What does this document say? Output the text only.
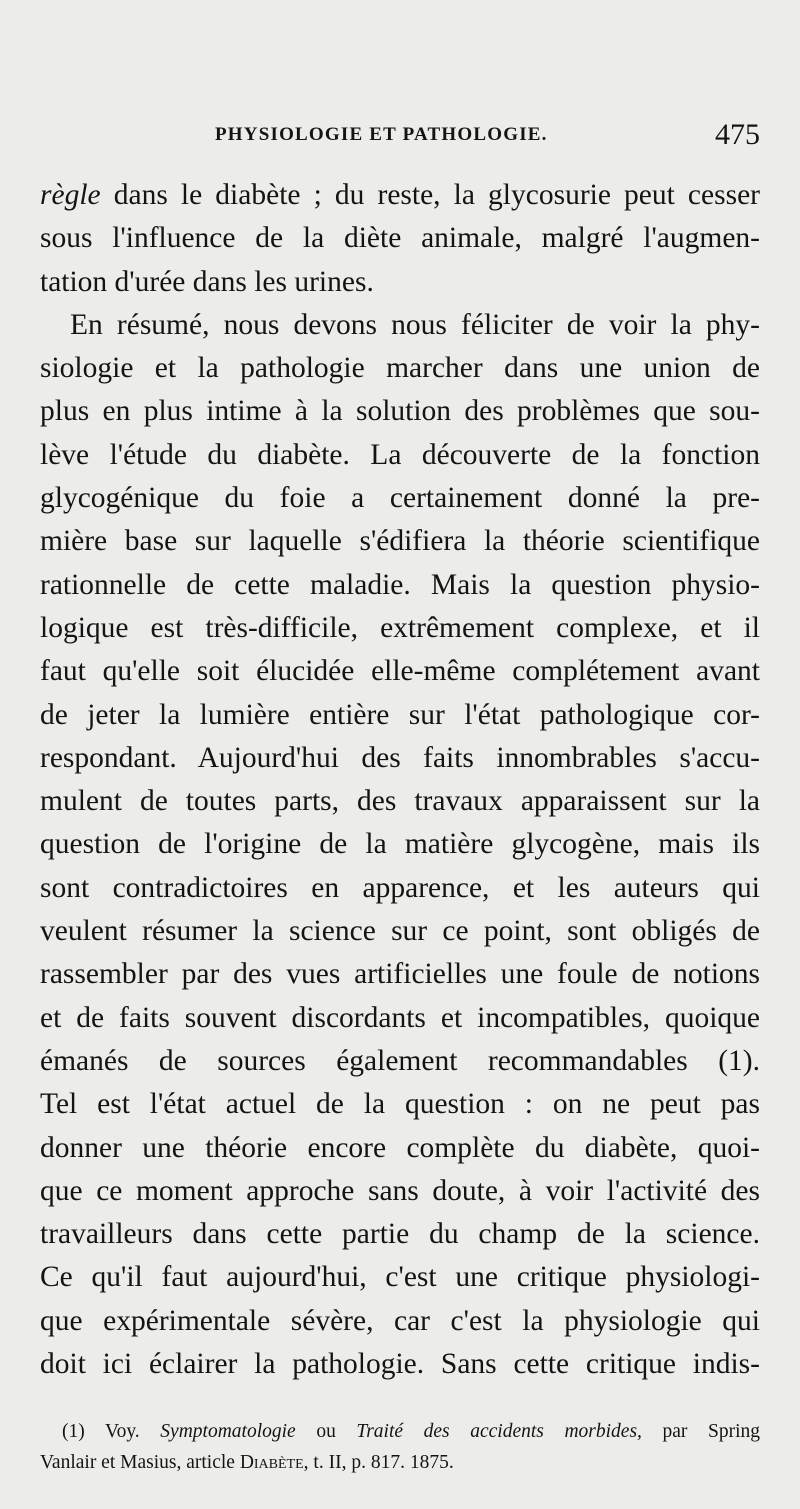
PHYSIOLOGIE ET PATHOLOGIE.	475
règle dans le diabète ; du reste, la glycosurie peut cesser
sous l'influence de la diète animale, malgré l'augmen-
tation d'urée dans les urines.
En résumé, nous devons nous féliciter de voir la phy-
siologie et la pathologie marcher dans une union de
plus en plus intime à la solution des problèmes que sou-
lève l'étude du diabète. La découverte de la fonction
glycogénique du foie a certainement donné la pre-
mière base sur laquelle s'édifiera la théorie scientifique
rationnelle de cette maladie. Mais la question physio-
logique est très-difficile, extrêmement complexe, et il
faut qu'elle soit élucidée elle-même complétement avant
de jeter la lumière entière sur l'état pathologique cor-
respondant. Aujourd'hui des faits innombrables s'accu-
mulent de toutes parts, des travaux apparaissent sur la
question de l'origine de la matière glycogène, mais ils
sont contradictoires en apparence, et les auteurs qui
veulent résumer la science sur ce point, sont obligés de
rassembler par des vues artificielles une foule de notions
et de faits souvent discordants et incompatibles, quoique
émanés de sources également recommandables (1).
Tel est l'état actuel de la question : on ne peut pas
donner une théorie encore complète du diabète, quoi-
que ce moment approche sans doute, à voir l'activité des
travailleurs dans cette partie du champ de la science.
Ce qu'il faut aujourd'hui, c'est une critique physiologi-
que expérimentale sévère, car c'est la physiologie qui
doit ici éclairer la pathologie. Sans cette critique indis-
(1) Voy. Symptomatologie ou Traité des accidents morbides, par Spring
Vanlair et Masius, article Diabète, t. II, p. 817. 1875.
